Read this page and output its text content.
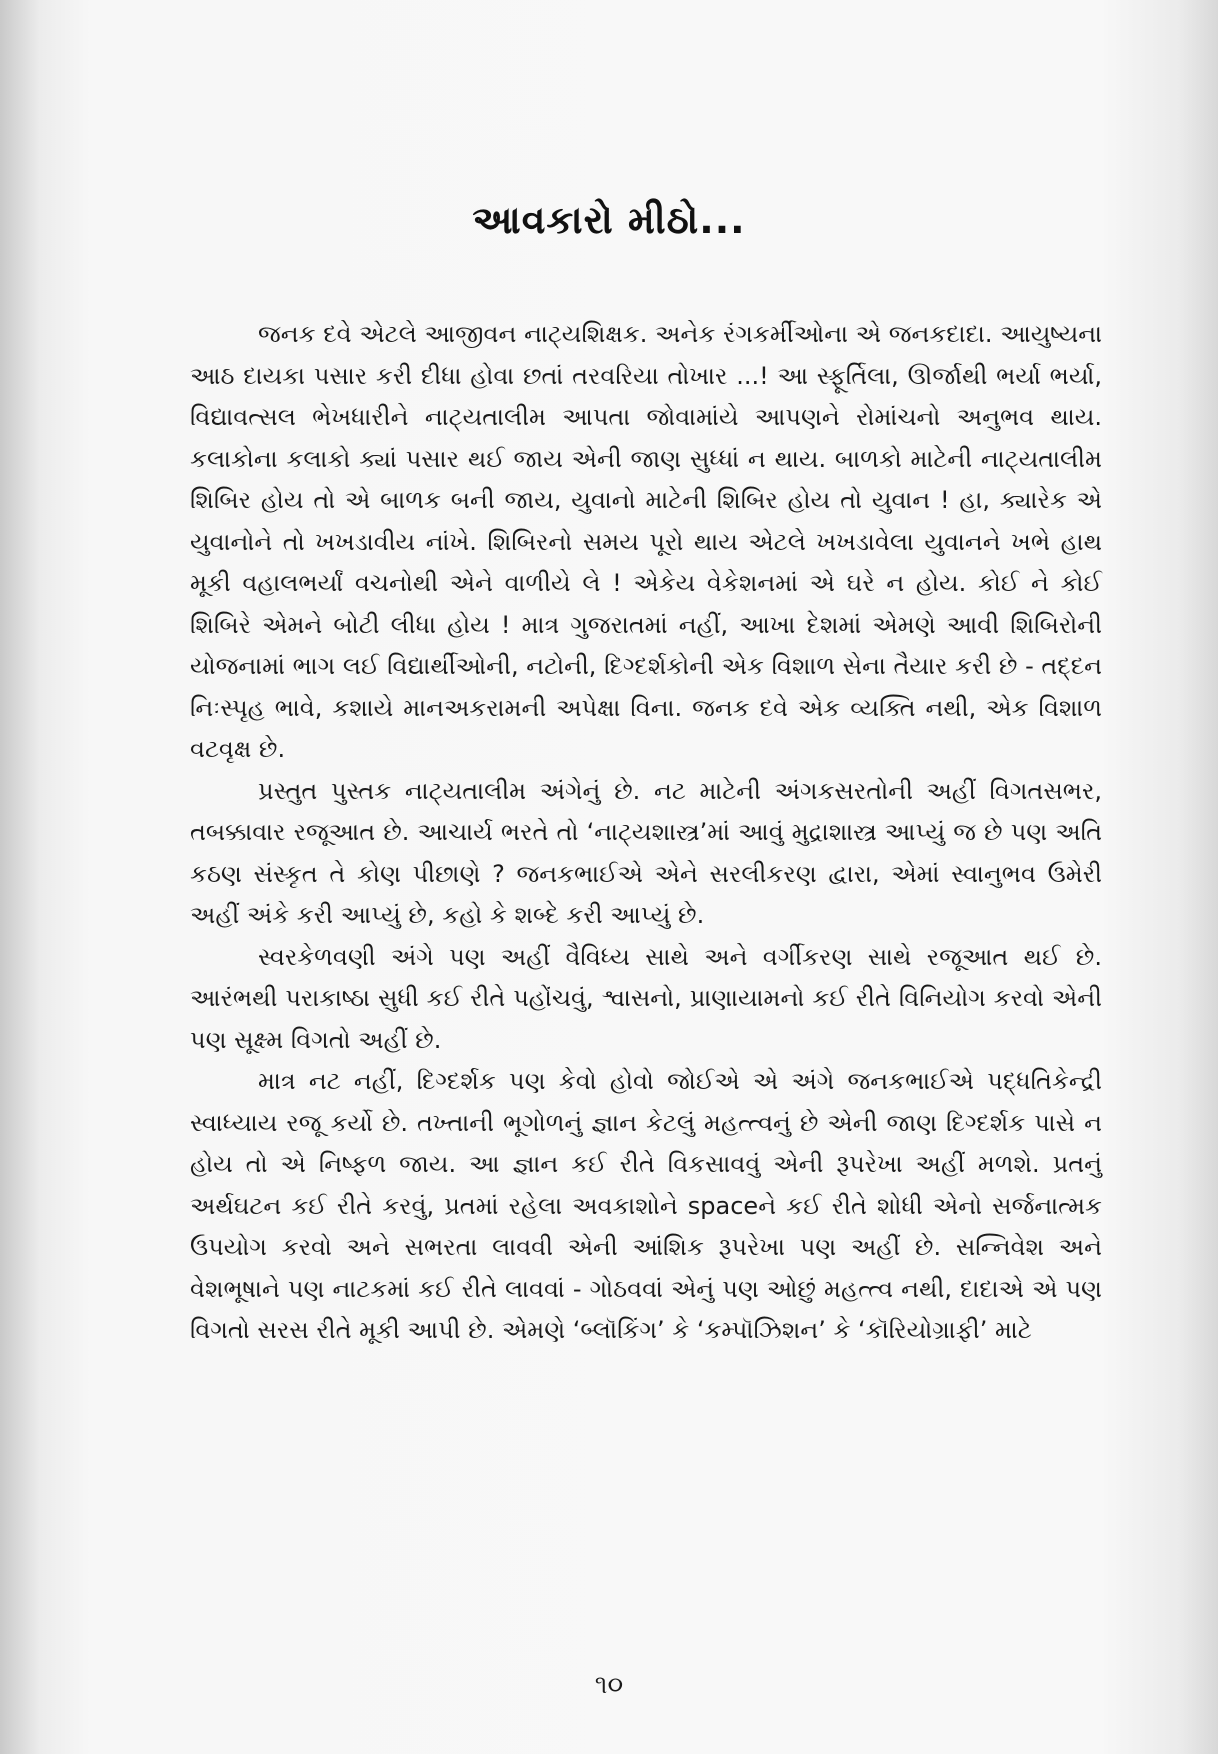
આવકારો મીઠો...

જનક દવે એટલે આજીવન નાટ્યશિક્ષક. અનેક રંગકર્મીઓના એ જનકદાદા. આયુષ્યના આઠ દાયકા પસાર કરી દીધા હોવા છતાં તરવરિયા તોખાર ...! આ સ્ફૂર્તિલા, ઊર્જાથી ભર્યા ભર્યા, વિદ્યાવત્સલ ભેખધારીને નાટ્યતાલીમ આપતા જોવામાંયે આપણને રોમાંચનો અનુભવ થાય. કલાકોના કલાકો ક્યાં પસાર થઈ જાય એની જાણ સુધ્ધાં ન થાય. બાળકો માટેની નાટ્યતાલીમ શિબિર હોય તો એ બાળક બની જાય, યુવાનો માટેની શિબિર હોય તો યુવાન ! હા, ક્યારેક એ યુવાનોને તો ખખડાવીય નાંખે. શિબિરનો સમય પૂરો થાય એટલે ખખડાવેલા યુવાનને ખભે હાથ મૂકી વહાલભર્યાં વચનોથી એને વાળીયે લે ! એકેય વેકેશનમાં એ ઘરે ન હોય. કોઈ ને કોઈ શિબિરે એમને બોટી લીધા હોય ! માત્ર ગુજરાતમાં નહીં, આખા દેશમાં એમણે આવી શિબિરોની યોજનામાં ભાગ લઈ વિદ્યાર્થીઓની, નટોની, દિગ્દર્શકોની એક વિશાળ સેના તૈયાર કરી છે - તદ્દન નિઃસ્પૃહ ભાવે, કશાયે માનઅકરામની અપેક્ષા વિના. જનક દવે એક વ્યક્તિ નથી, એક વિશાળ વટવૃક્ષ છે.

પ્રસ્તુત પુસ્તક નાટ્યતાલીમ અંગેનું છે. નટ માટેની અંગકસરતોની અહીં વિગતસભર, તબક્કાવાર રજૂઆત છે. આચાર્ય ભરતે તો ‘નાટ્યશાસ્ત્ર’માં આવું મુદ્રાશાસ્ત્ર આપ્યું જ છે પણ અતિ કઠણ સંસ્કૃત તે કોણ પીછાણે ? જનકભાઈએ એને સરલીકરણ દ્વારા, એમાં સ્વાનુભવ ઉમેરી અહીં અંકે કરી આપ્યું છે, કહો કે શબ્દે કરી આપ્યું છે.

સ્વરકેળવણી અંગે પણ અહીં વૈવિધ્ય સાથે અને વર્ગીકરણ સાથે રજૂઆત થઈ છે. આરંભથી પરાકાષ્ઠા સુધી કઈ રીતે પહોંચવું, શ્વાસનો, પ્રાણાયામનો કઈ રીતે વિનિયોગ કરવો એની પણ સૂક્ષ્મ વિગતો અહીં છે.

માત્ર નટ નહીં, દિગ્દર્શક પણ કેવો હોવો જોઈએ એ અંગે જનકભાઈએ પદ્ધતિકેન્દ્રી સ્વાધ્યાય રજૂ કર્યો છે. તખ્તાની ભૂગોળનું જ્ઞાન કેટલું મહત્ત્વનું છે એની જાણ દિગ્દર્શક પાસે ન હોય તો એ નિષ્ફળ જાય. આ જ્ઞાન કઈ રીતે વિકસાવવું એની રૂપરેખા અહીં મળશે. પ્રતનું અર્થઘટન કઈ રીતે કરવું, પ્રતમાં રહેલા અવકાશોને spaceને કઈ રીતે શોધી એનો સર્જનાત્મક ઉપયોગ કરવો અને સભરતા લાવવી એની આંશિક રૂપરેખા પણ અહીં છે. સન્નિવેશ અને વેશભૂષાને પણ નાટકમાં કઈ રીતે લાવવાં - ગોઠવવાં એનું પણ ઓછું મહત્ત્વ નથી, દાદાએ એ પણ વિગતો સરસ રીતે મૂકી આપી છે. એમણે ‘બ્લૉકિંગ’ કે ‘કમ્પૉઝિશન’ કે ‘કૉરિયોગ્રાફી’ માટે

૧૦
